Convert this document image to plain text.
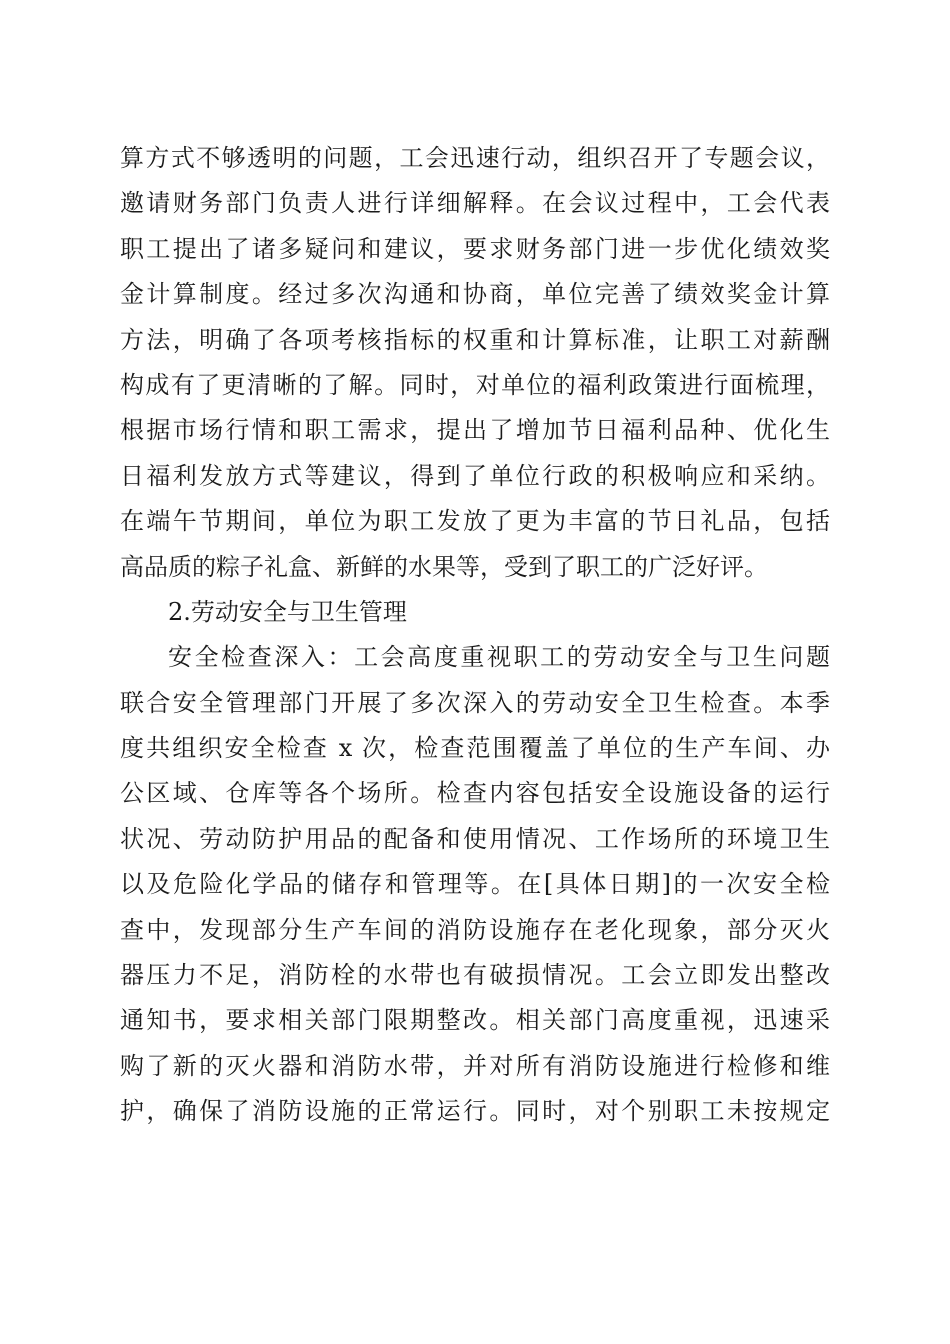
算方式不够透明的问题，工会迅速行动，组织召开了专题会议，
邀请财务部门负责人进行详细解释。在会议过程中，工会代表
职工提出了诸多疑问和建议，要求财务部门进一步优化绩效奖
金计算制度。经过多次沟通和协商，单位完善了绩效奖金计算
方法，明确了各项考核指标的权重和计算标准，让职工对薪酬
构成有了更清晰的了解。同时，对单位的福利政策进行面梳理，
根据市场行情和职工需求，提出了增加节日福利品种、优化生
日福利发放方式等建议，得到了单位行政的积极响应和采纳。
在端午节期间，单位为职工发放了更为丰富的节日礼品，包括
高品质的粽子礼盒、新鲜的水果等，受到了职工的广泛好评。
2.劳动安全与卫生管理
安全检查深入：工会高度重视职工的劳动安全与卫生问题
联合安全管理部门开展了多次深入的劳动安全卫生检查。本季
度共组织安全检查 x 次，检查范围覆盖了单位的生产车间、办
公区域、仓库等各个场所。检查内容包括安全设施设备的运行
状况、劳动防护用品的配备和使用情况、工作场所的环境卫生
以及危险化学品的储存和管理等。在[具体日期]的一次安全检
查中，发现部分生产车间的消防设施存在老化现象，部分灭火
器压力不足，消防栓的水带也有破损情况。工会立即发出整改
通知书，要求相关部门限期整改。相关部门高度重视，迅速采
购了新的灭火器和消防水带，并对所有消防设施进行检修和维
护，确保了消防设施的正常运行。同时，对个别职工未按规定
